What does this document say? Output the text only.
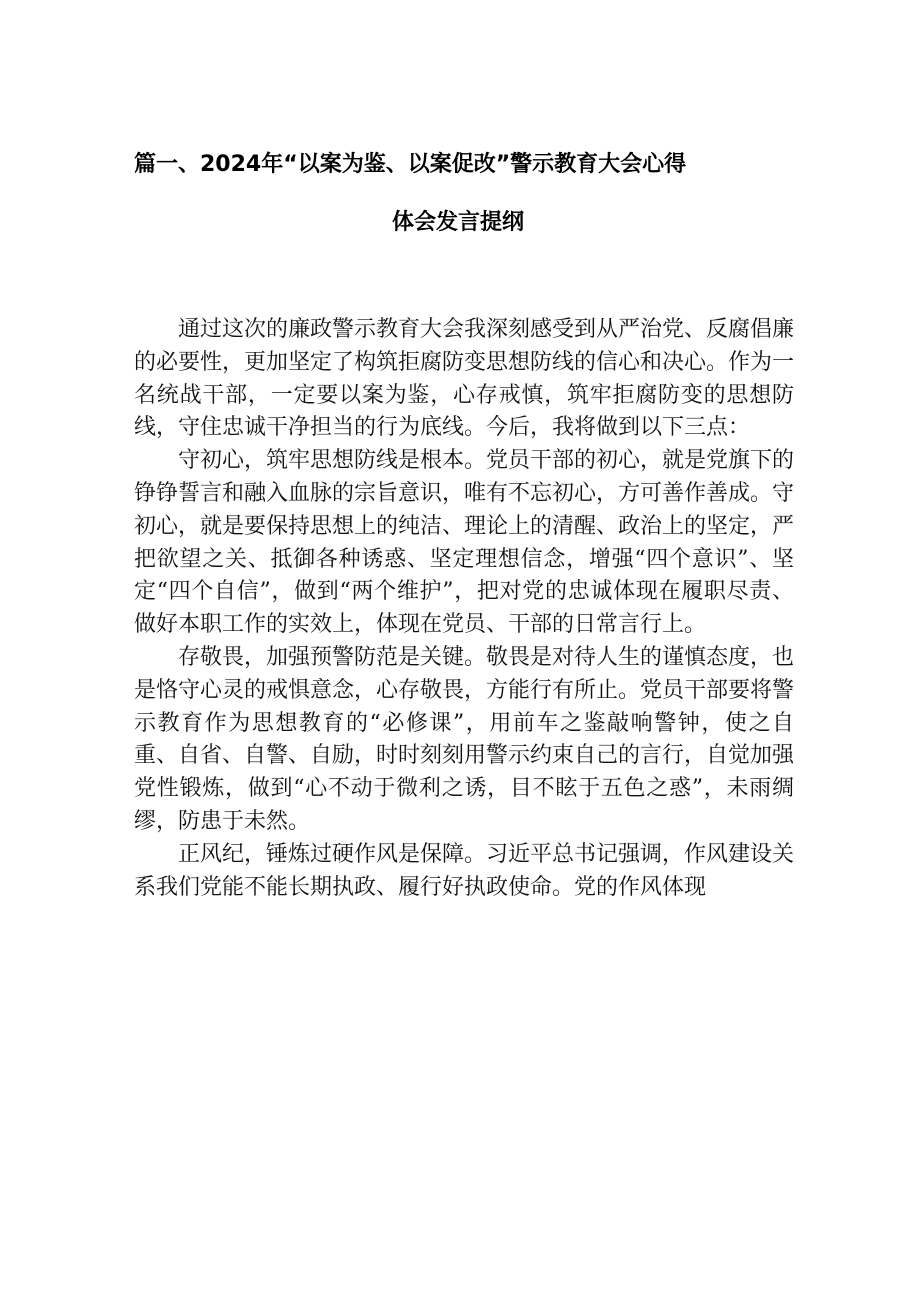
篇一、2024年“以案为鉴、以案促改”警示教育大会心得
体会发言提纲

通过这次的廉政警示教育大会我深刻感受到从严治党、反腐倡廉的必要性，更加坚定了构筑拒腐防变思想防线的信心和决心。作为一名统战干部，一定要以案为鉴，心存戒慎，筑牢拒腐防变的思想防线，守住忠诚干净担当的行为底线。今后，我将做到以下三点：

守初心，筑牢思想防线是根本。党员干部的初心，就是党旗下的铮铮誓言和融入血脉的宗旨意识，唯有不忘初心，方可善作善成。守初心，就是要保持思想上的纯洁、理论上的清醒、政治上的坚定，严把欲望之关、抵御各种诱惑、坚定理想信念，增强“四个意识”、坚定“四个自信”，做到“两个维护”，把对党的忠诚体现在履职尽责、做好本职工作的实效上，体现在党员、干部的日常言行上。

存敬畏，加强预警防范是关键。敬畏是对待人生的谨慎态度，也是恪守心灵的戒惧意念，心存敬畏，方能行有所止。党员干部要将警示教育作为思想教育的“必修课”，用前车之鉴敲响警钟，使之自重、自省、自警、自励，时时刻刻用警示约束自己的言行，自觉加强党性锻炼，做到“心不动于微利之诱，目不眩于五色之惑”，未雨绸缪，防患于未然。

正风纪，锤炼过硬作风是保障。习近平总书记强调，作风建设关系我们党能不能长期执政、履行好执政使命。党的作风体现
